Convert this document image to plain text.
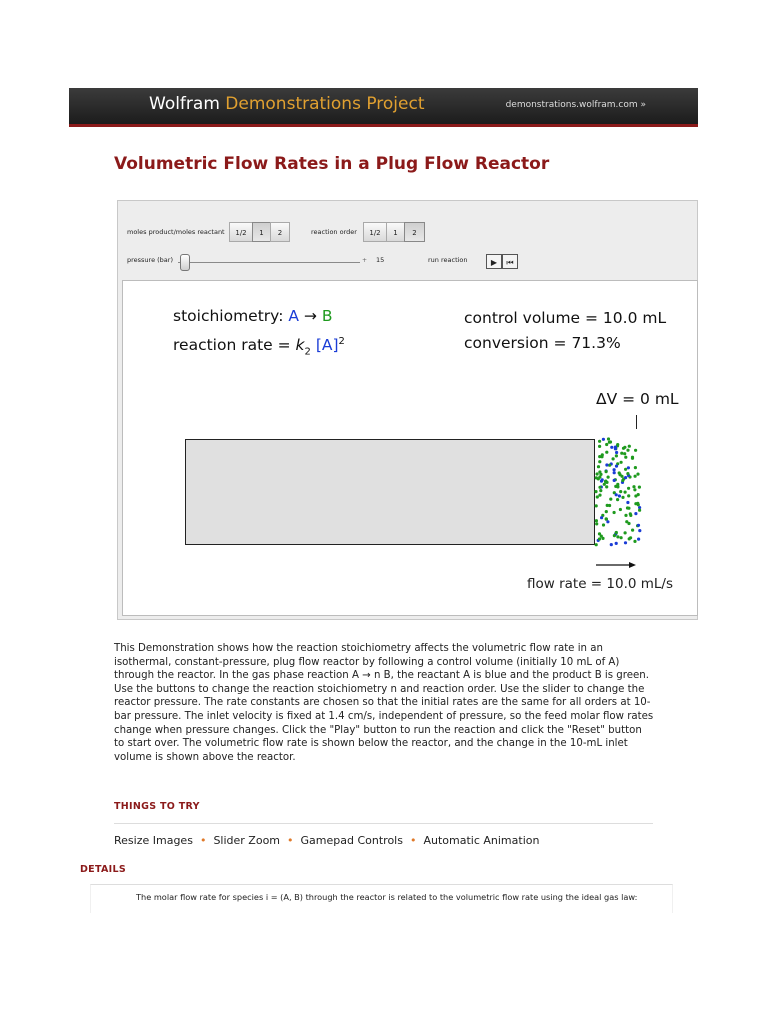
Wolfram Demonstrations Project	demonstrations.wolfram.com »
Volumetric Flow Rates in a Plug Flow Reactor
moles product/moles reactant	1/2	1	2	reaction order	1/2	1	2
pressure (bar)	+ 15	run reaction	▶	⏮
stoichiometry: A → B
reaction rate = $k_2$ $[A]^2$
control volume = 10.0 mL
conversion = 71.3%
ΔV = 0 mL
flow rate = 10.0 mL/s
This Demonstration shows how the reaction stoichiometry affects the volumetric flow rate in an isothermal, constant-pressure, plug flow reactor by following a control volume (initially 10 mL of A) through the reactor. In the gas phase reaction A → n B, the reactant A is blue and the product B is green. Use the buttons to change the reaction stoichiometry n and reaction order. Use the slider to change the reactor pressure. The rate constants are chosen so that the initial rates are the same for all orders at 10-bar pressure. The inlet velocity is fixed at 1.4 cm/s, independent of pressure, so the feed molar flow rates change when pressure changes. Click the "Play" button to run the reaction and click the "Reset" button to start over. The volumetric flow rate is shown below the reactor, and the change in the 10-mL inlet volume is shown above the reactor.
THINGS TO TRY
Resize Images • Slider Zoom • Gamepad Controls • Automatic Animation
DETAILS
The molar flow rate for species i = (A, B) through the reactor is related to the volumetric flow rate using the ideal gas law:
